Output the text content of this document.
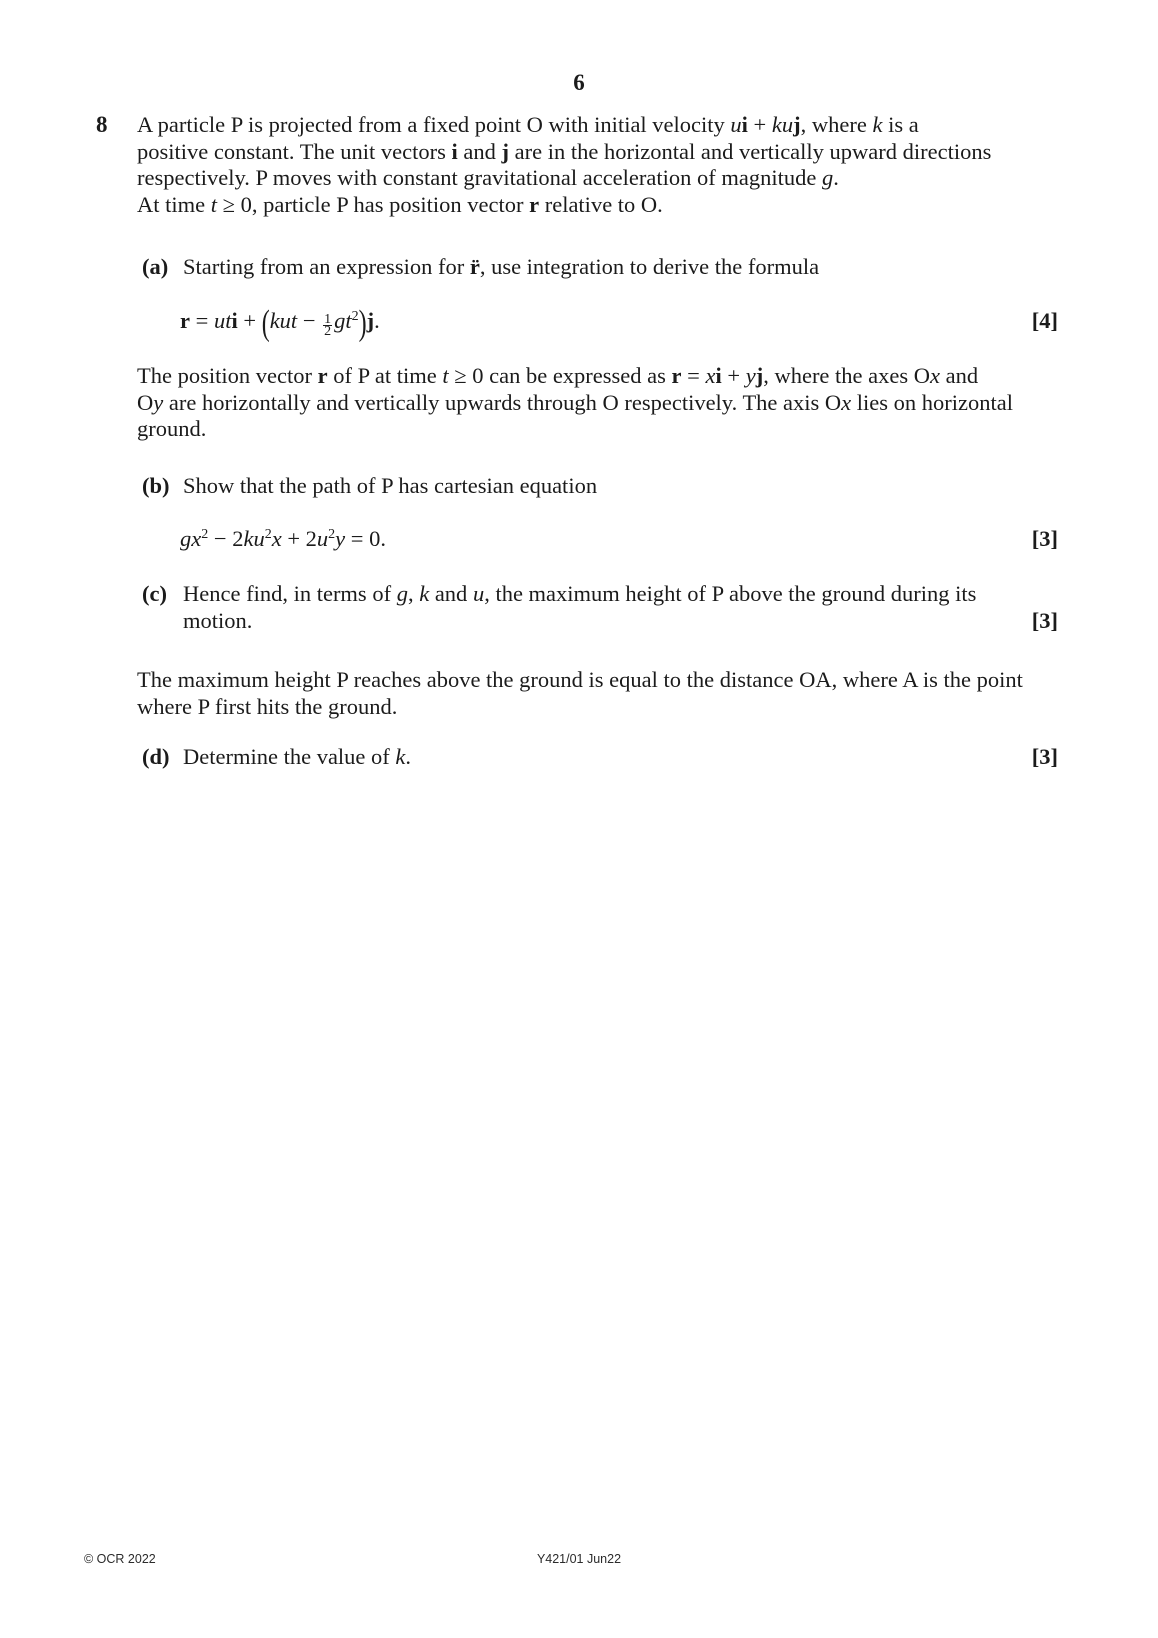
6
8 A particle P is projected from a fixed point O with initial velocity ui + kuj, where k is a
positive constant. The unit vectors i and j are in the horizontal and vertically upward directions
respectively. P moves with constant gravitational acceleration of magnitude g.
At time t ≥ 0, particle P has position vector r relative to O.
(a) Starting from an expression for r̈, use integration to derive the formula
r = uti + $(kut - \frac{1}{2} gt^2)j$.	[4]
The position vector r of P at time t ≥ 0 can be expressed as r = xi + yj, where the axes Ox and
Oy are horizontally and vertically upwards through O respectively. The axis Ox lies on horizontal
ground.
(b) Show that the path of P has cartesian equation
$gx^2 - 2ku^2x + 2u^2y = 0$.	[3]
(c) Hence find, in terms of g, k and u, the maximum height of P above the ground during its
motion.	[3]
The maximum height P reaches above the ground is equal to the distance OA, where A is the point
where P first hits the ground.
(d) Determine the value of k.	[3]
© OCR 2022	Y421/01 Jun22
